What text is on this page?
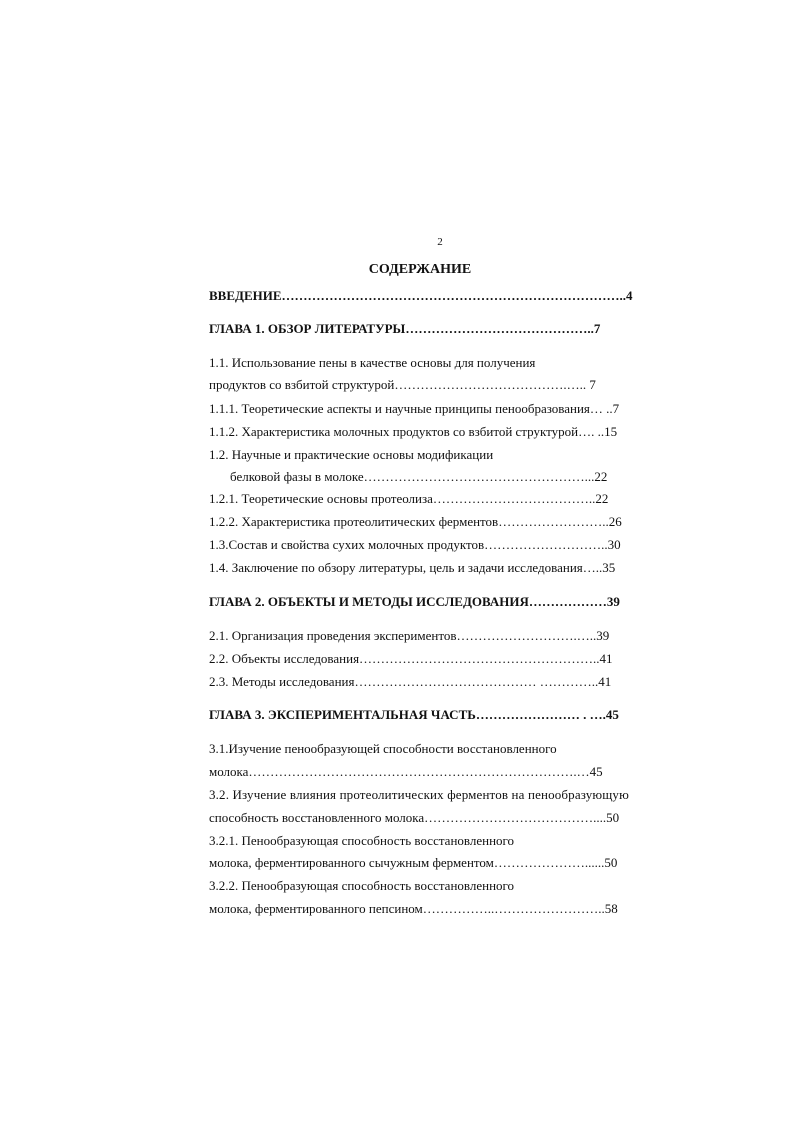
2
СОДЕРЖАНИЕ
ВВЕДЕНИЕ……………………………………………………………………..4
ГЛАВА 1. ОБЗОР ЛИТЕРАТУРЫ……………………………………..7
1.1. Использование пены в качестве основы для получения
продуктов со взбитой структурой………………………………….….. 7
1.1.1. Теоретические аспекты и научные принципы пенообразования… ..7
1.1.2. Характеристика молочных продуктов со взбитой структурой…. ..15
1.2. Научные и практические основы модификации
белковой фазы в молоке……………………………………………...22
1.2.1. Теоретические основы протеолиза………………………………..22
1.2.2. Характеристика протеолитических ферментов……………………..26
1.3.Состав и свойства сухих молочных продуктов………………………..30
1.4. Заключение по обзору литературы, цель и задачи исследования…..35
ГЛАВА 2. ОБЪЕКТЫ И МЕТОДЫ ИССЛЕДОВАНИЯ………………39
2.1. Организация проведения экспериментов……………………….…..39
2.2. Объекты исследования………………………………………………..41
2.3. Методы исследования…………………………………… …………..41
ГЛАВА 3. ЭКСПЕРИМЕНТАЛЬНАЯ ЧАСТЬ…………………… . ….45
3.1.Изучение пенообразующей способности восстановленного
молока………………………………………………………………….…45
3.2. Изучение влияния протеолитических ферментов на пенообразующую
способность восстановленного молока…………………………………....50
3.2.1. Пенообразующая способность восстановленного
молока, ферментированного сычужным ферментом…………………......50
3.2.2. Пенообразующая способность восстановленного
молока, ферментированного пепсином……………..……………………..58
